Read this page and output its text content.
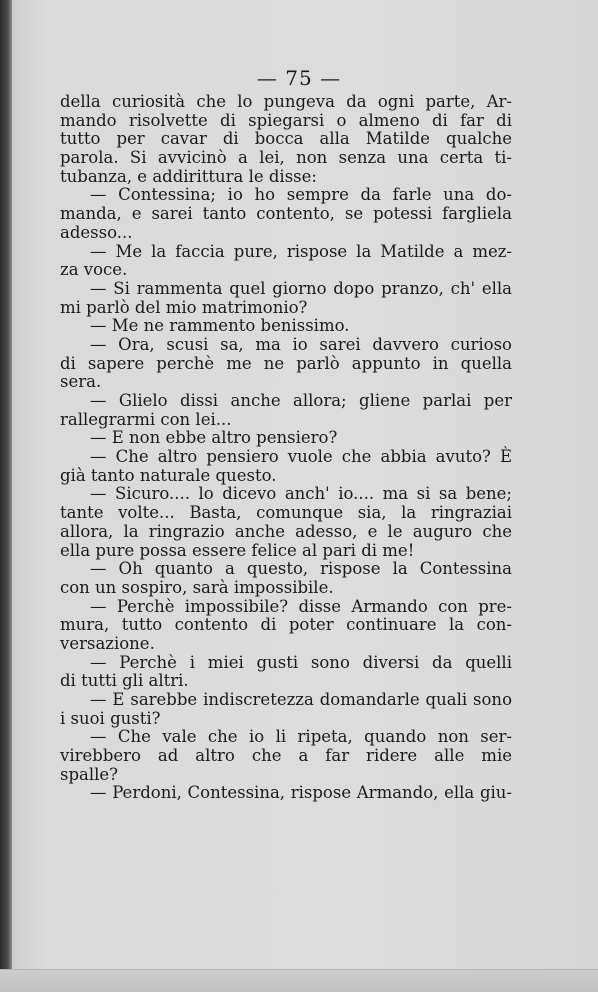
— 75 —
della curiosità che lo pungeva da ogni parte, Ar-
mando risolvette di spiegarsi o almeno di far di
tutto per cavar di bocca alla Matilde qualche
parola. Si avvicinò a lei, non senza una certa ti-
tubanza, e addirittura le disse:
— Contessina; io ho sempre da farle una do-
manda, e sarei tanto contento, se potessi fargliela
adesso...
— Me la faccia pure, rispose la Matilde a mez-
za voce.
— Si rammenta quel giorno dopo pranzo, ch' ella
mi parlò del mio matrimonio?
— Me ne rammento benissimo.
— Ora, scusi sa, ma io sarei davvero curioso
di sapere perchè me ne parlò appunto in quella
sera.
— Glielo dissi anche allora; gliene parlai per
rallegrarmi con lei...
— E non ebbe altro pensiero?
— Che altro pensiero vuole che abbia avuto? È
già tanto naturale questo.
— Sicuro.... lo dicevo anch' io.... ma si sa bene;
tante volte... Basta, comunque sia, la ringraziai
allora, la ringrazio anche adesso, e le auguro che
ella pure possa essere felice al pari di me!
— Oh quanto a questo, rispose la Contessina
con un sospiro, sarà impossibile.
— Perchè impossibile? disse Armando con pre-
mura, tutto contento di poter continuare la con-
versazione.
— Perchè i miei gusti sono diversi da quelli
di tutti gli altri.
— E sarebbe indiscretezza domandarle quali sono
i suoi gusti?
— Che vale che io li ripeta, quando non ser-
virebbero ad altro che a far ridere alle mie
spalle?
— Perdoni, Contessina, rispose Armando, ella giu-
